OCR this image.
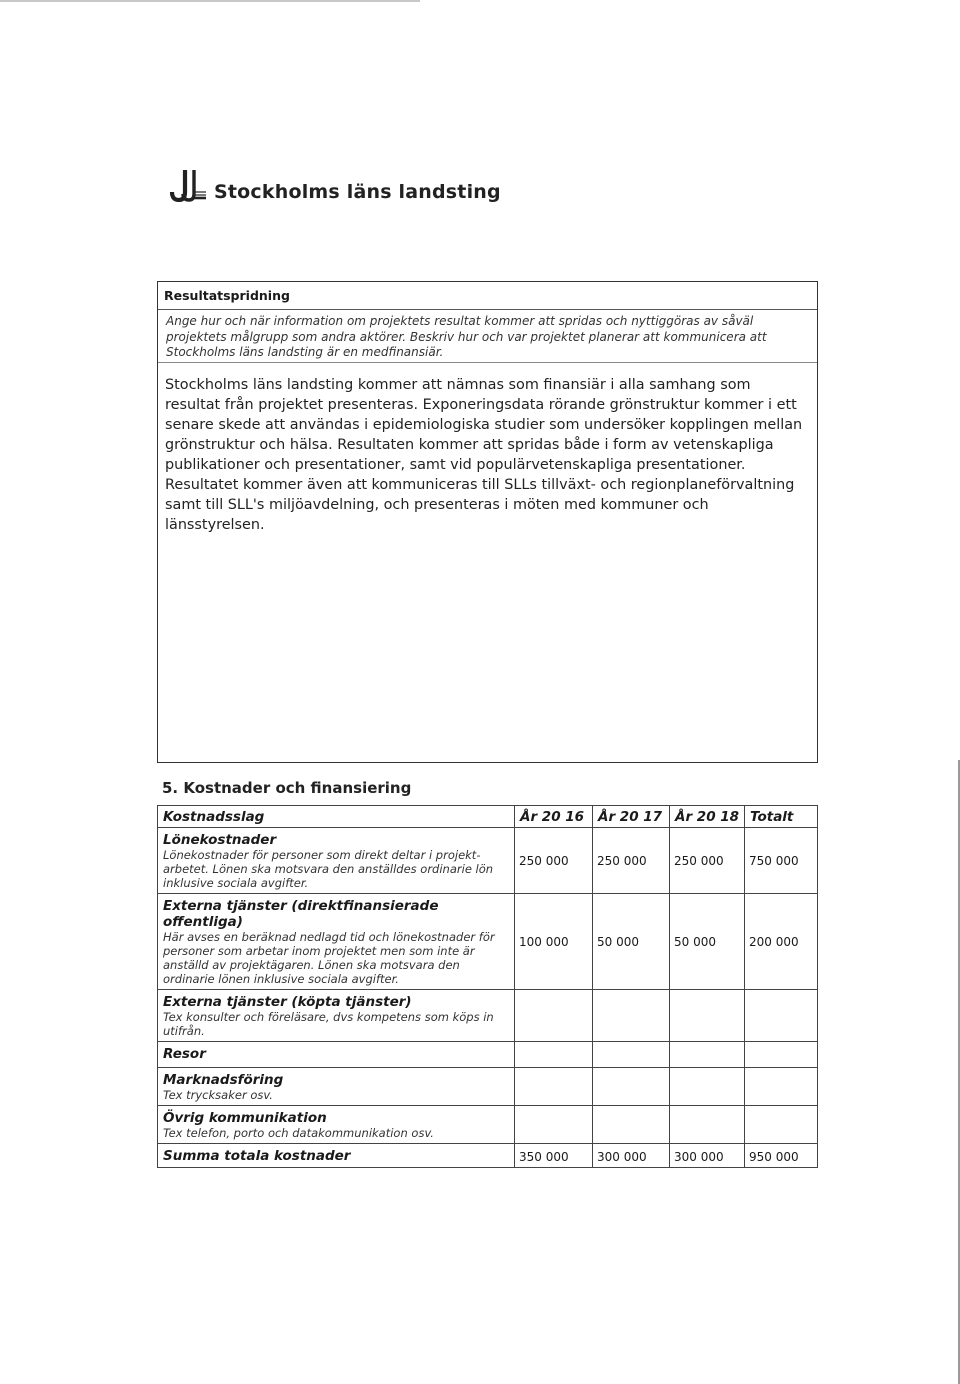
Stockholms läns landsting
Resultatspridning
Ange hur och när information om projektets resultat kommer att spridas och nyttiggöras av såväl projektets målgrupp som andra aktörer. Beskriv hur och var projektet planerar att kommunicera att Stockholms läns landsting är en medfinansiär.
Stockholms läns landsting kommer att nämnas som finansiär i alla samhang som resultat från projektet presenteras. Exponeringsdata rörande grönstruktur kommer i ett senare skede att användas i epidemiologiska studier som undersöker kopplingen mellan grönstruktur och hälsa. Resultaten kommer att spridas både i form av vetenskapliga publikationer och presentationer, samt vid populärvetenskapliga presentationer. Resultatet kommer även att kommuniceras till SLLs tillväxt- och regionplaneförvaltning samt till SLL's miljöavdelning, och presenteras i möten med kommuner och länsstyrelsen.
5. Kostnader och finansiering
Kostnadsslag	År 20 16	År 20 17	År 20 18	Totalt

Lönekostnader
Lönekostnader för personer som direkt deltar i projekt-arbetet. Lönen ska motsvara den anställdes ordinarie lön inklusive sociala avgifter.	250 000	250 000	250 000	750 000

Externa tjänster (direktfinansierade offentliga)
Här avses en beräknad nedlagd tid och lönekostnader för personer som arbetar inom projektet men som inte är anställd av projektägaren. Lönen ska motsvara den ordinarie lönen inklusive sociala avgifter.	100 000	50 000	50 000	200 000

Externa tjänster (köpta tjänster)
Tex konsulter och föreläsare, dvs kompetens som köps in utifrån.				

Resor				

Marknadsföring
Tex trycksaker osv.				

Övrig kommunikation
Tex telefon, porto och datakommunikation osv.				

Summa totala kostnader	350 000	300 000	300 000	950 000
